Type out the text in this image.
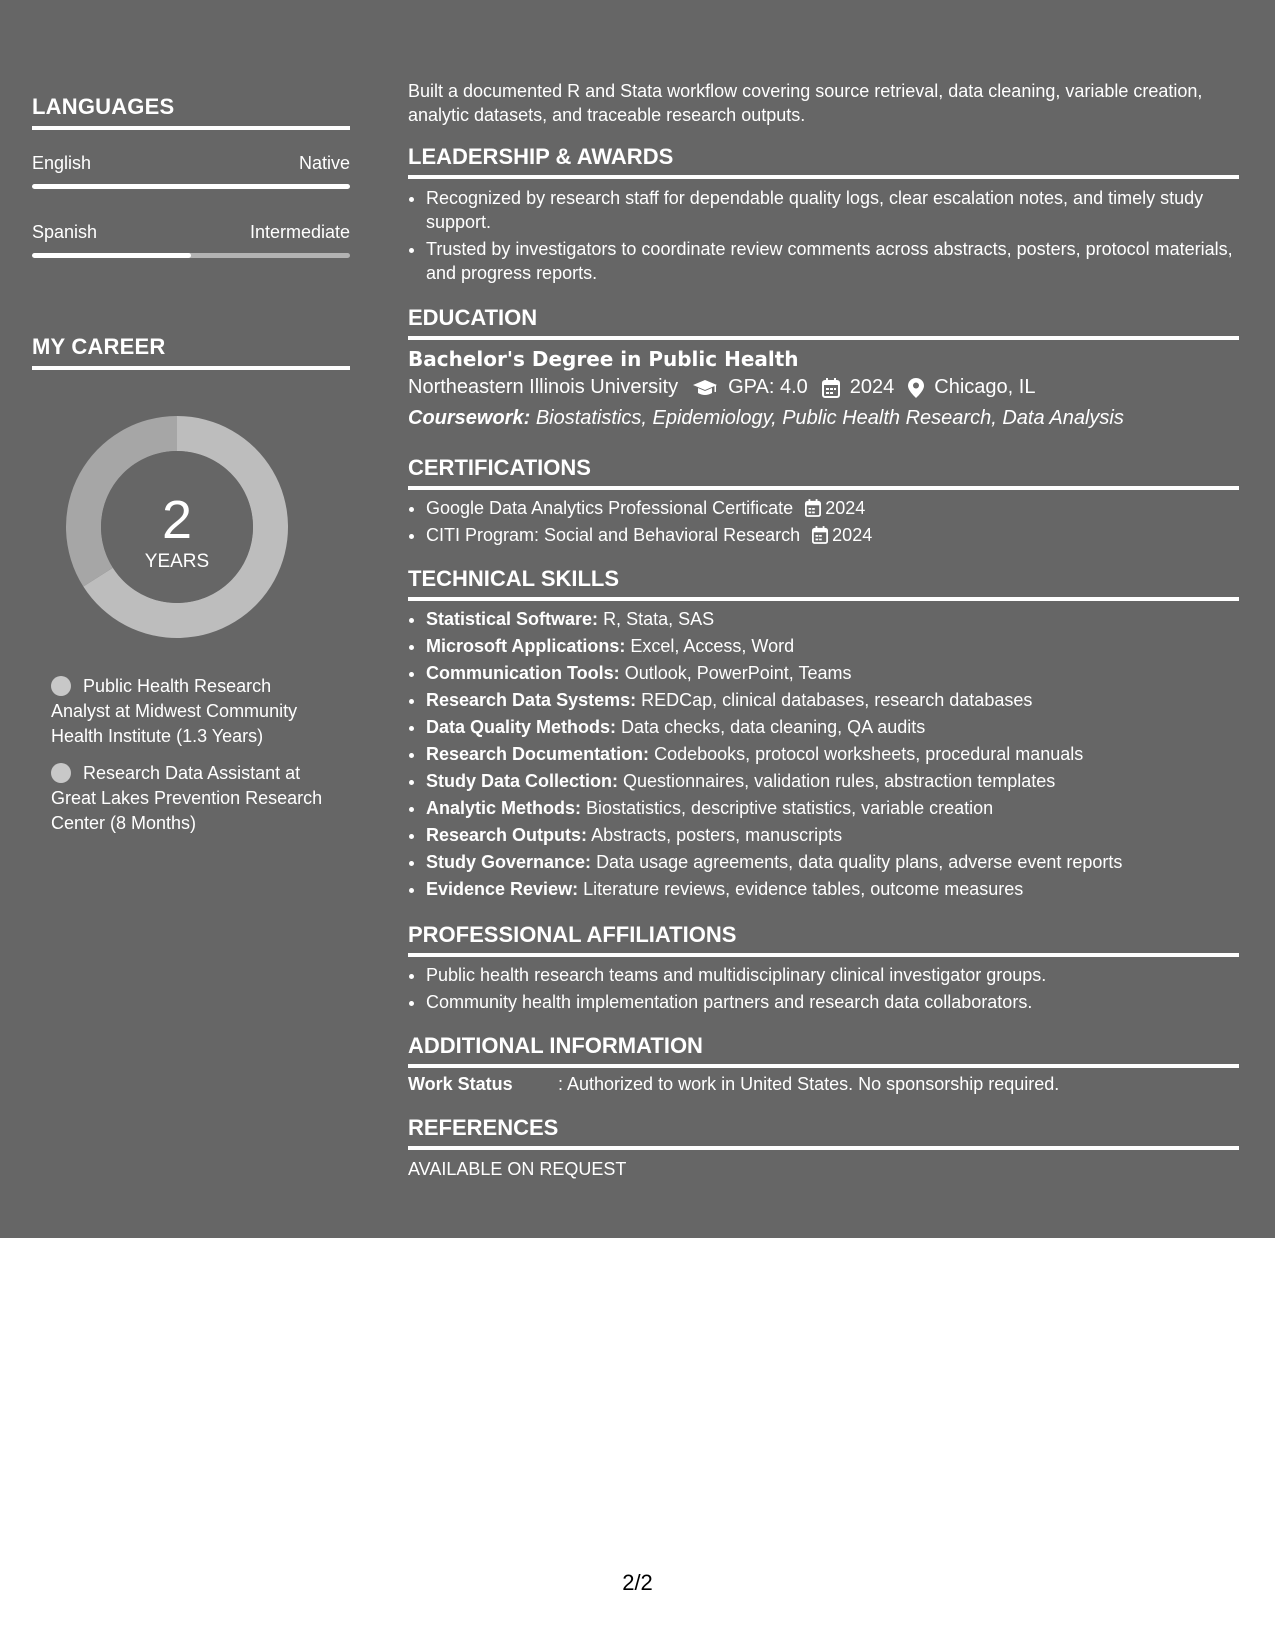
LANGUAGES
English	Native
Spanish	Intermediate
MY CAREER
2
YEARS
Public Health Research Analyst at Midwest Community Health Institute (1.3 Years)
Research Data Assistant at Great Lakes Prevention Research Center (8 Months)
Built a documented R and Stata workflow covering source retrieval, data cleaning, variable creation, analytic datasets, and traceable research outputs.
LEADERSHIP & AWARDS
• Recognized by research staff for dependable quality logs, clear escalation notes, and timely study support.
• Trusted by investigators to coordinate review comments across abstracts, posters, protocol materials, and progress reports.
EDUCATION
Bachelor's Degree in Public Health
Northeastern Illinois University	GPA: 4.0 2024 Chicago, IL
Coursework: Biostatistics, Epidemiology, Public Health Research, Data Analysis
CERTIFICATIONS
• Google Data Analytics Professional Certificate 2024
• CITI Program: Social and Behavioral Research 2024
TECHNICAL SKILLS
• Statistical Software: R, Stata, SAS
• Microsoft Applications: Excel, Access, Word
• Communication Tools: Outlook, PowerPoint, Teams
• Research Data Systems: REDCap, clinical databases, research databases
• Data Quality Methods: Data checks, data cleaning, QA audits
• Research Documentation: Codebooks, protocol worksheets, procedural manuals
• Study Data Collection: Questionnaires, validation rules, abstraction templates
• Analytic Methods: Biostatistics, descriptive statistics, variable creation
• Research Outputs: Abstracts, posters, manuscripts
• Study Governance: Data usage agreements, data quality plans, adverse event reports
• Evidence Review: Literature reviews, evidence tables, outcome measures
PROFESSIONAL AFFILIATIONS
• Public health research teams and multidisciplinary clinical investigator groups.
• Community health implementation partners and research data collaborators.
ADDITIONAL INFORMATION
Work Status	: Authorized to work in United States. No sponsorship required.
REFERENCES
AVAILABLE ON REQUEST
2/2
